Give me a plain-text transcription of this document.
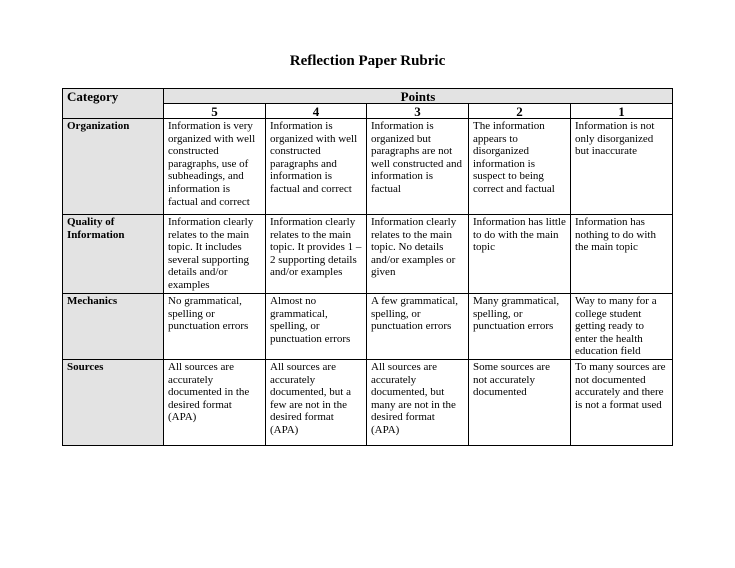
Reflection Paper Rubric
Category	Points				
	5	4	3	2	1
Organization	Information is very organized with well constructed paragraphs, use of subheadings, and information is factual and correct	Information is organized with well constructed paragraphs and information is factual and correct	Information is organized but paragraphs are not well constructed and information is factual	The information appears to disorganized information is suspect to being correct and factual	Information is not only disorganized but inaccurate
Quality of Information	Information clearly relates to the main topic. It includes several supporting details and/or examples	Information clearly relates to the main topic. It provides 1 – 2 supporting details and/or examples	Information clearly relates to the main topic. No details and/or examples or given	Information has little to do with the main topic	Information has nothing to do with the main topic
Mechanics	No grammatical, spelling or punctuation errors	Almost no grammatical, spelling, or punctuation errors	A few grammatical, spelling, or punctuation errors	Many grammatical, spelling, or punctuation errors	Way to many for a college student getting ready to enter the health education field
Sources	All sources are accurately documented in the desired format (APA)	All sources are accurately documented, but a few are not in the desired format (APA)	All sources are accurately documented, but many are not in the desired format (APA)	Some sources are not accurately documented	To many sources are not documented accurately and there is not a format used
